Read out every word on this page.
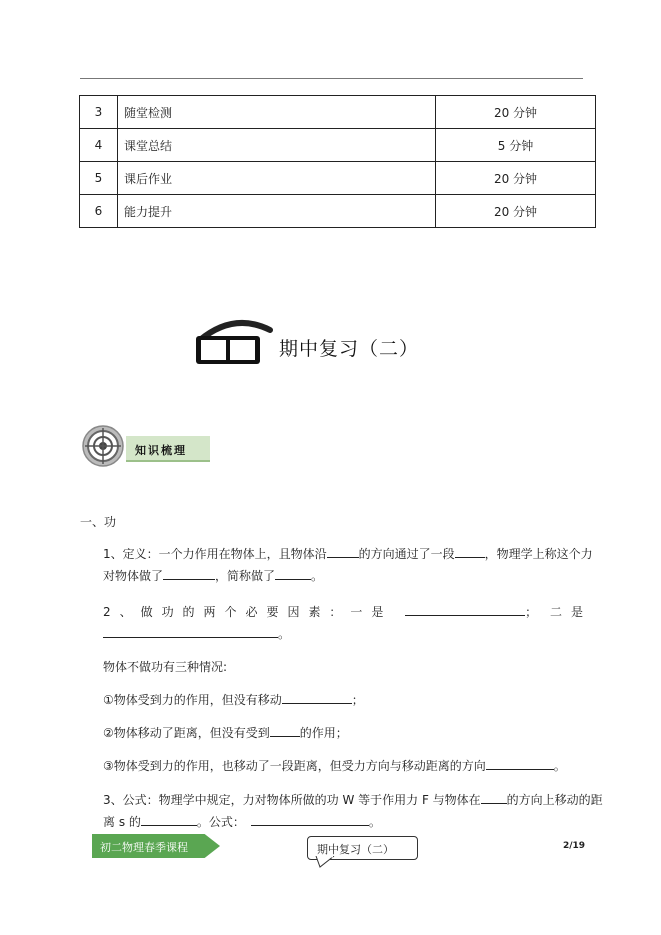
3	随堂检测	20 分钟
4	课堂总结	5 分钟
5	课后作业	20 分钟
6	能力提升	20 分钟
期中复习（二）
知识梳理
一、功
1、定义：一个力作用在物体上，且物体沿	的方向通过了一段	，物理学上称这个力
对物体做了	，简称做了	。
2、做功的两个必要因素：一是	； 二是
。
物体不做功有三种情况:
①物体受到力的作用，但没有移动	；
②物体移动了距离，但没有受到	的作用；
③物体受到力的作用，也移动了一段距离，但受力方向与移动距离的方向	。
3、公式：物理学中规定，力对物体所做的功 W 等于作用力 F 与物体在 的方向上移动的距
离 s 的	。公式：	。
初二物理春季课程	期中复习（二）	2/19
